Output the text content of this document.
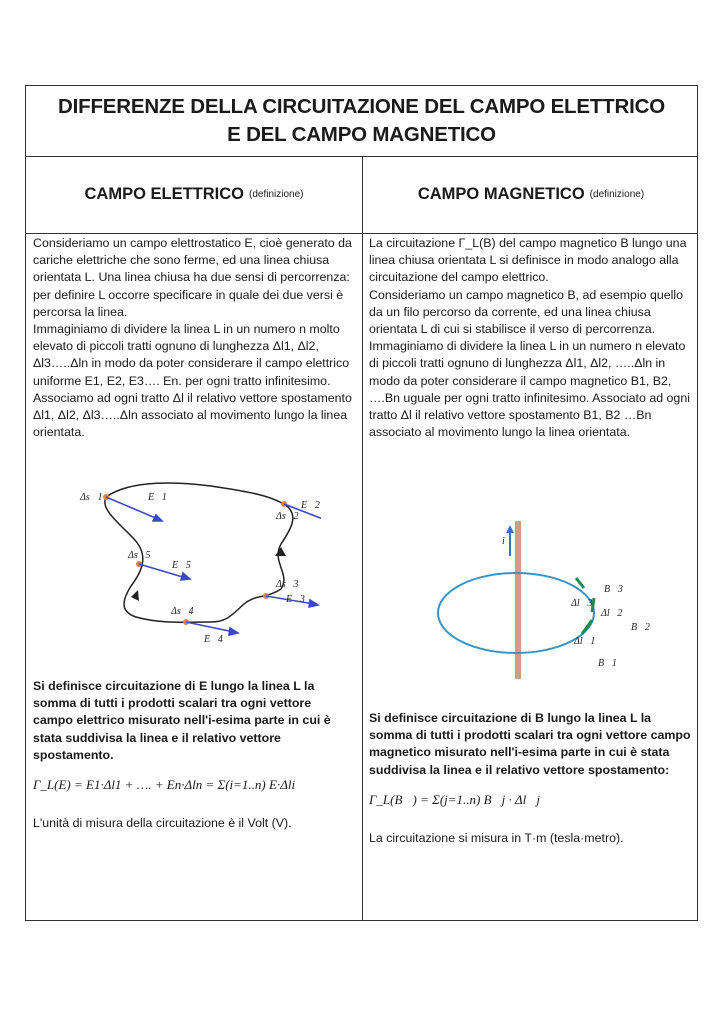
DIFFERENZE DELLA CIRCUITAZIONE DEL CAMPO ELETTRICO
E DEL CAMPO MAGNETICO
CAMPO ELETTRICO (definizione)	CAMPO MAGNETICO (definizione)

Consideriamo un campo elettrostatico E, cioè generato da cariche elettriche che sono ferme, ed una linea chiusa orientata L. Una linea chiusa ha due sensi di percorrenza: per definire L occorre specificare in quale dei due versi è percorsa la linea.

Immaginiamo di dividere la linea L in un numero n molto elevato di piccoli tratti ognuno di lunghezza Δl1, Δl2, Δl3…..Δln in modo da poter considerare il campo elettrico uniforme E1, E2, E3…. En. per ogni tratto infinitesimo.

Associamo ad ogni tratto Δl il relativo vettore spostamento Δl1, Δl2, Δl3…..Δln associato al movimento lungo la linea orientata.

Δs⃗1	E⃗1
E⃗2
Δs⃗2
Δs⃗5
E⃗5
Δs⃗3
E⃗3
Δs⃗4
E⃗4

Si definisce circuitazione di E lungo la linea L la somma di tutti i prodotti scalari tra ogni vettore campo elettrico misurato nell'i-esima parte in cui è stata suddivisa la linea e il relativo vettore spostamento.

Γ_L(E) = E1·Δl1 + …. + En·Δln = Σ(i=1..n) E·Δli

L'unità di misura della circuitazione è il Volt (V).

La circuitazione Γ_L(B) del campo magnetico B lungo una linea chiusa orientata L si definisce in modo analogo alla circuitazione del campo elettrico.

Consideriamo un campo magnetico B, ad esempio quello da un filo percorso da corrente, ed una linea chiusa orientata L di cui si stabilisce il verso di percorrenza.

Immaginiamo di dividere la linea L in un numero n elevato di piccoli tratti ognuno di lunghezza Δl1, Δl2, …..Δln in modo da poter considerare il campo magnetico B1, B2, ….Bn uguale per ogni tratto infinitesimo. Associato ad ogni tratto Δl il relativo vettore spostamento B1, B2 …Bn associato al movimento lungo la linea orientata.

i
B⃗3
Δl⃗3
Δl⃗2
B⃗2
Δl⃗1
B⃗1

Si definisce circuitazione di B lungo la linea L la somma di tutti i prodotti scalari tra ogni vettore campo magnetico misurato nell'i-esima parte in cui è stata suddivisa la linea e il relativo vettore spostamento:

Γ_L(B⃗) = Σ(j=1..n) B⃗j · Δl⃗j

La circuitazione si misura in T·m (tesla·metro).
